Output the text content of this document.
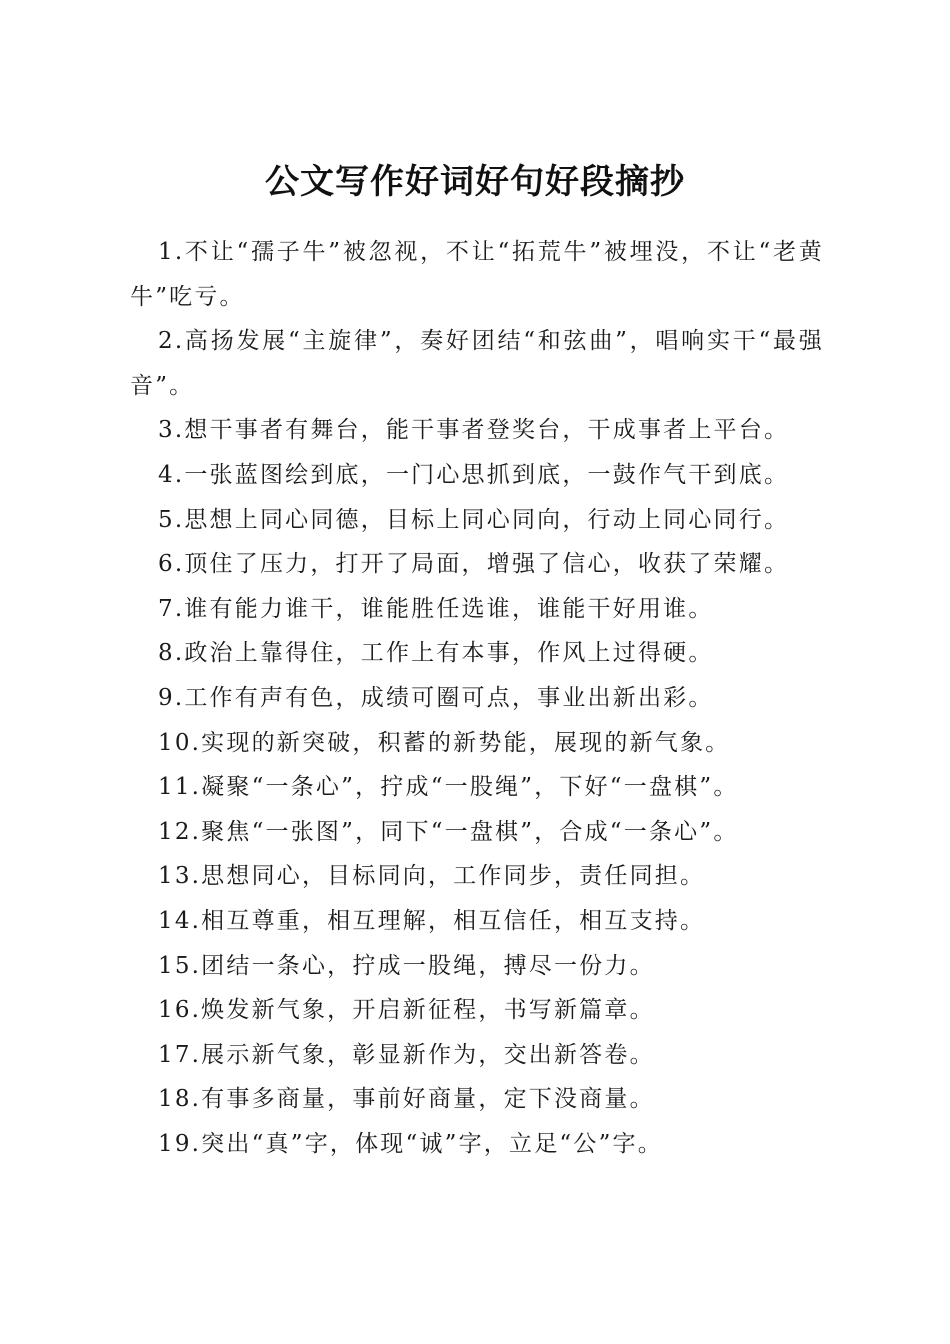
公文写作好词好句好段摘抄

1.不让“孺子牛”被忽视，不让“拓荒牛”被埋没，不让“老黄牛”吃亏。

2.高扬发展“主旋律”，奏好团结“和弦曲”，唱响实干“最强音”。

3.想干事者有舞台，能干事者登奖台，干成事者上平台。

4.一张蓝图绘到底，一门心思抓到底，一鼓作气干到底。

5.思想上同心同德，目标上同心同向，行动上同心同行。

6.顶住了压力，打开了局面，增强了信心，收获了荣耀。

7.谁有能力谁干，谁能胜任选谁，谁能干好用谁。

8.政治上靠得住，工作上有本事，作风上过得硬。

9.工作有声有色，成绩可圈可点，事业出新出彩。

10.实现的新突破，积蓄的新势能，展现的新气象。

11.凝聚“一条心”，拧成“一股绳”，下好“一盘棋”。

12.聚焦“一张图”，同下“一盘棋”，合成“一条心”。

13.思想同心，目标同向，工作同步，责任同担。

14.相互尊重，相互理解，相互信任，相互支持。

15.团结一条心，拧成一股绳，搏尽一份力。

16.焕发新气象，开启新征程，书写新篇章。

17.展示新气象，彰显新作为，交出新答卷。

18.有事多商量，事前好商量，定下没商量。

19.突出“真”字，体现“诚”字，立足“公”字。
